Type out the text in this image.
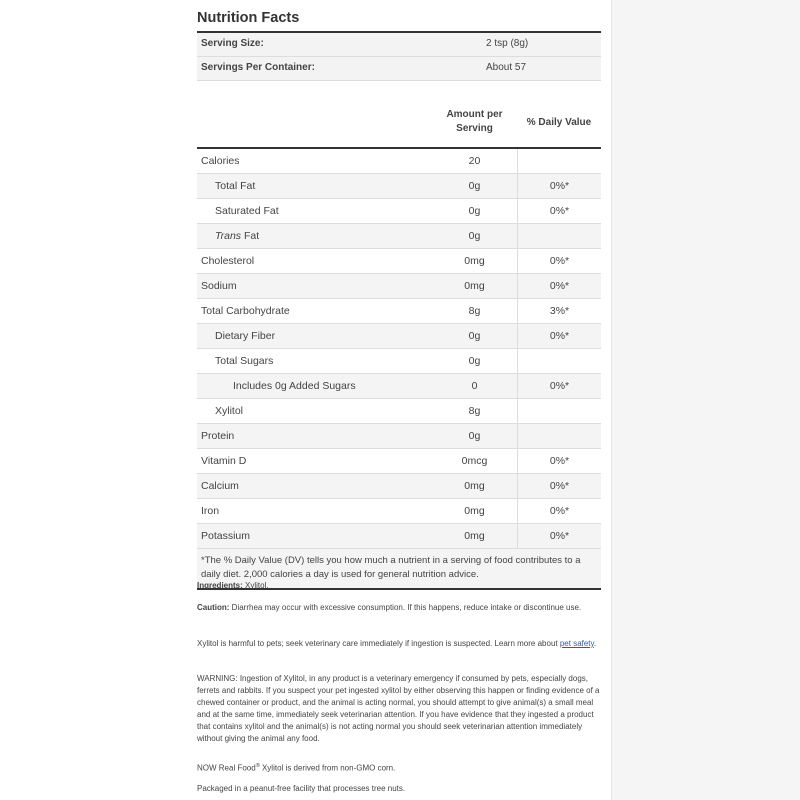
Nutrition Facts
Serving Size:	2 tsp (8g)
Servings Per Container:	About 57
Amount per
Serving
% Daily Value
Calories	20
Total Fat	0g	0%*
Saturated Fat	0g	0%*
Trans Fat	0g
Cholesterol	0mg	0%*
Sodium	0mg	0%*
Total Carbohydrate	8g	3%*
Dietary Fiber	0g	0%*
Total Sugars	0g
Includes 0g Added Sugars	0	0%*
Xylitol	8g
Protein	0g
Vitamin D	0mcg	0%*
Calcium	0mg	0%*
Iron	0mg	0%*
Potassium	0mg	0%*
*The % Daily Value (DV) tells you how much a nutrient in a serving of food contributes to a daily diet. 2,000 calories a day is used for general nutrition advice.

Ingredients: Xylitol.

Caution: Diarrhea may occur with excessive consumption. If this happens, reduce intake or discontinue use.

Xylitol is harmful to pets; seek veterinary care immediately if ingestion is suspected. Learn more about pet safety.

WARNING: Ingestion of Xylitol, in any product is a veterinary emergency if consumed by pets, especially dogs, ferrets and rabbits. If you suspect your pet ingested xylitol by either observing this happen or finding evidence of a chewed container or product, and the animal is acting normal, you should attempt to give animal(s) a small meal and at the same time, immediately seek veterinarian attention. If you have evidence that they ingested a product that contains xylitol and the animal(s) is not acting normal you should seek veterinarian attention immediately without giving the animal any food.

NOW Real Food® Xylitol is derived from non-GMO corn.

Packaged in a peanut-free facility that processes tree nuts.
